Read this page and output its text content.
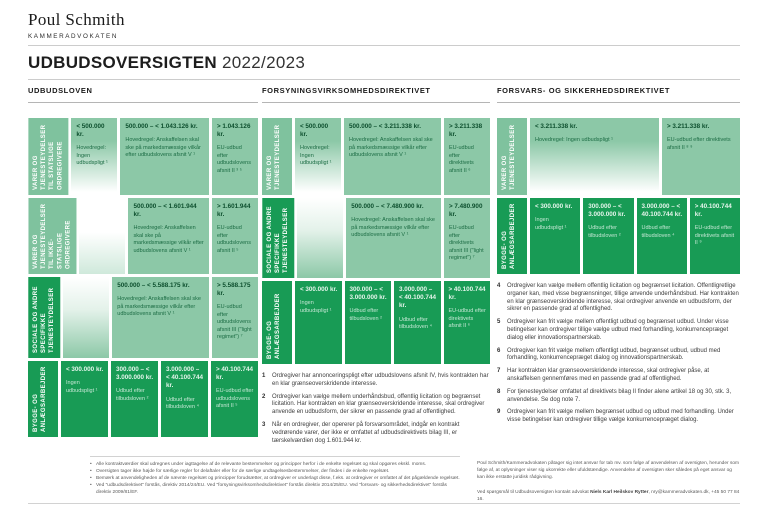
Poul Schmith
KAMMERADVOKATEN
UDBUDSOVERSIGTEN 2022/2023
UDBUDSLOVEN
VARER OG TJENESTEYDELSER TIL STATSLIGE ORDREGIVERE
< 500.000 kr.
Hovedregel: Ingen udbudspligt ¹
500.000 – < 1.043.126 kr.
Hovedregel: Anskaffelsen skal ske på markedsmæssige vilkår efter udbudslovens afsnit V ¹
> 1.043.126 kr.
EU-udbud efter udbudslovens afsnit II ³ ⁵
VARER OG TJENESTEYDELSER TIL IKKE-STATSLIGE ORDREGIVERE
500.000 – < 1.601.944 kr.
Hovedregel: Anskaffelsen skal ske på markedsmæssige vilkår efter udbudslovens afsnit V ¹
> 1.601.944 kr.
EU-udbud efter udbudslovens afsnit II ⁵
SOCIALE OG ANDRE SPECIFIKKE TJENESTEYDELSER
500.000 – < 5.588.175 kr.
Hovedregel: Anskaffelsen skal ske på markedsmæssige vilkår efter udbudslovens afsnit V ¹
> 5.588.175 kr.
EU-udbud efter udbudslovens afsnit III ("light regimet") ⁷
BYGGE- OG ANLÆGSARBEJDER	< 300.000 kr.
Ingen udbudspligt ¹
300.000 – < 3.000.000 kr.
Udbud efter tilbudsloven ²
3.000.000 – < 40.100.744 kr.
Udbud efter tilbudsloven ⁴
> 40.100.744 kr.
EU-udbud efter udbudslovens afsnit II ⁵
FORSYNINGSVIRKSOMHEDSDIREKTIVET
VARER OG TJENESTEYDELSER	< 500.000 kr.
Hovedregel: Ingen udbudspligt ¹
500.000 – < 3.211.338 kr.
Hovedregel: Anskaffelsen skal ske på markedsmæssige vilkår efter udbudslovens afsnit V ¹
> 3.211.338 kr.
EU-udbud efter direktivets afsnit II ⁶
SOCIALE OG ANDRE SPECIFIKKE TJENESTEYDELSER
500.000 – < 7.480.900 kr.
Hovedregel: Anskaffelsen skal ske på markedsmæssige vilkår efter udbudslovens afsnit V ¹
> 7.480.900 kr.
EU-udbud efter direktivets afsnit III ("light regimet") ⁷
BYGGE- OG ANLÆGSARBEJDER
< 300.000 kr.
Ingen udbudspligt ¹
300.000 – < 3.000.000 kr.
Udbud efter tilbudsloven ²
3.000.000 – < 40.100.744 kr.
Udbud efter tilbudsloven ⁴
> 40.100.744 kr.
EU-udbud efter direktivets afsnit II ⁶
1	Ordregiver har annonceringspligt efter udbudslovens afsnit IV, hvis kontrakten har en klar grænseoverskridende interesse.
2	Ordregiver kan vælge mellem underhåndsbud, offentlig licitation og begrænset licitation. Har kontrakten en klar grænseoverskridende interesse, skal ordregiver anvende en udbudsform, der sikrer en passende grad af offentlighed.
3	Når en ordregiver, der opererer på forsvarsområdet, indgår en kontrakt vedrørende varer, der ikke er omfattet af udbudsdirektivets bilag III, er tærskelværdien dog 1.601.944 kr.
FORSVARS- OG SIKKERHEDSDIREKTIVET
VARER OG TJENESTEYDELSER	< 3.211.338 kr.
Hovedregel: Ingen udbudspligt ¹
> 3.211.338 kr.
EU-udbud efter direktivets afsnit II ⁸ ⁹
BYGGE- OG ANLÆGSARBEJDER	< 300.000 kr.
Ingen udbudspligt ¹
300.000 – < 3.000.000 kr.
Udbud efter tilbudsloven ²
3.000.000 – < 40.100.744 kr.
Udbud efter tilbudsloven ⁴
> 40.100.744 kr.
EU-udbud efter direktivets afsnit II ⁹
4	Ordregiver kan vælge mellem offentlig licitation og begrænset licitation. Offentligretlige organer kan, med visse begrænsninger, tillige anvende underhåndsbud. Har kontrakten en klar grænseoverskridende interesse, skal ordregiver anvende en udbudsform, der sikrer en passende grad af offentlighed.
5	Ordregiver kan frit vælge mellem offentligt udbud og begrænset udbud. Under visse betingelser kan ordregiver tillige vælge udbud med forhandling, konkurrencepræget dialog eller innovationspartnerskab.
6	Ordregiver kan frit vælge mellem offentligt udbud, begrænset udbud, udbud med forhandling, konkurrencepræget dialog og innovationspartnerskab.
7	Har kontrakten klar grænseoverskridende interesse, skal ordregiver påse, at anskaffelsen gennemføres med en passende grad af offentlighed.
8	For tjenesteydelser omfattet af direktivets bilag II finder alene artikel 18 og 30, stk. 3, anvendelse. Se dog note 7.
9	Ordregiver kan frit vælge mellem begrænset udbud og udbud med forhandling. Under visse betingelser kan ordregiver tillige vælge konkurrencepræget dialog.
• Alle kontraktværdier skal udregnes under iagttagelse af de relevante bestemmelser og principper herfor i de enkelte regelsæt og skal opgøres ekskl. moms.
• Oversigten tager ikke højde for særlige regler for delaftaler eller for de særlige undtagelsesbestemmelser, der findes i de enkelte regelsæt.
• Bemærk at anvendeligheden af de nævnte regelsæt og principper forudsætter, at ordregiver er underlagt disse, f.eks. at ordregiver er omfattet af det pågældende regelsæt.
• Ved "udbudsdirektivet" forstås, direktiv 2014/24/EU. Ved "forsyningsvirksomhedsdirektivet" forstås direktiv 2014/25/EU. Ved "forsvars- og sikkerhedsdirektivet" forstås direktiv 2009/81/EF.
Poul Schmith/Kammeradvokaten påtager sig intet ansvar for tab mv. som følge af anvendelsen af oversigten, herunder som følge af, at oplysninger viser sig ukorrekte eller ufuldstændige. Anvendelse af oversigten sker således på eget ansvar og kan ikke erstatte juridisk rådgivning.
Ved spørgsmål til Udbudsoversigten kontakt advokat Niels Karl Heilskov Rytter, nry@kammeradvokaten.dk, +45 50 77 84 16.
